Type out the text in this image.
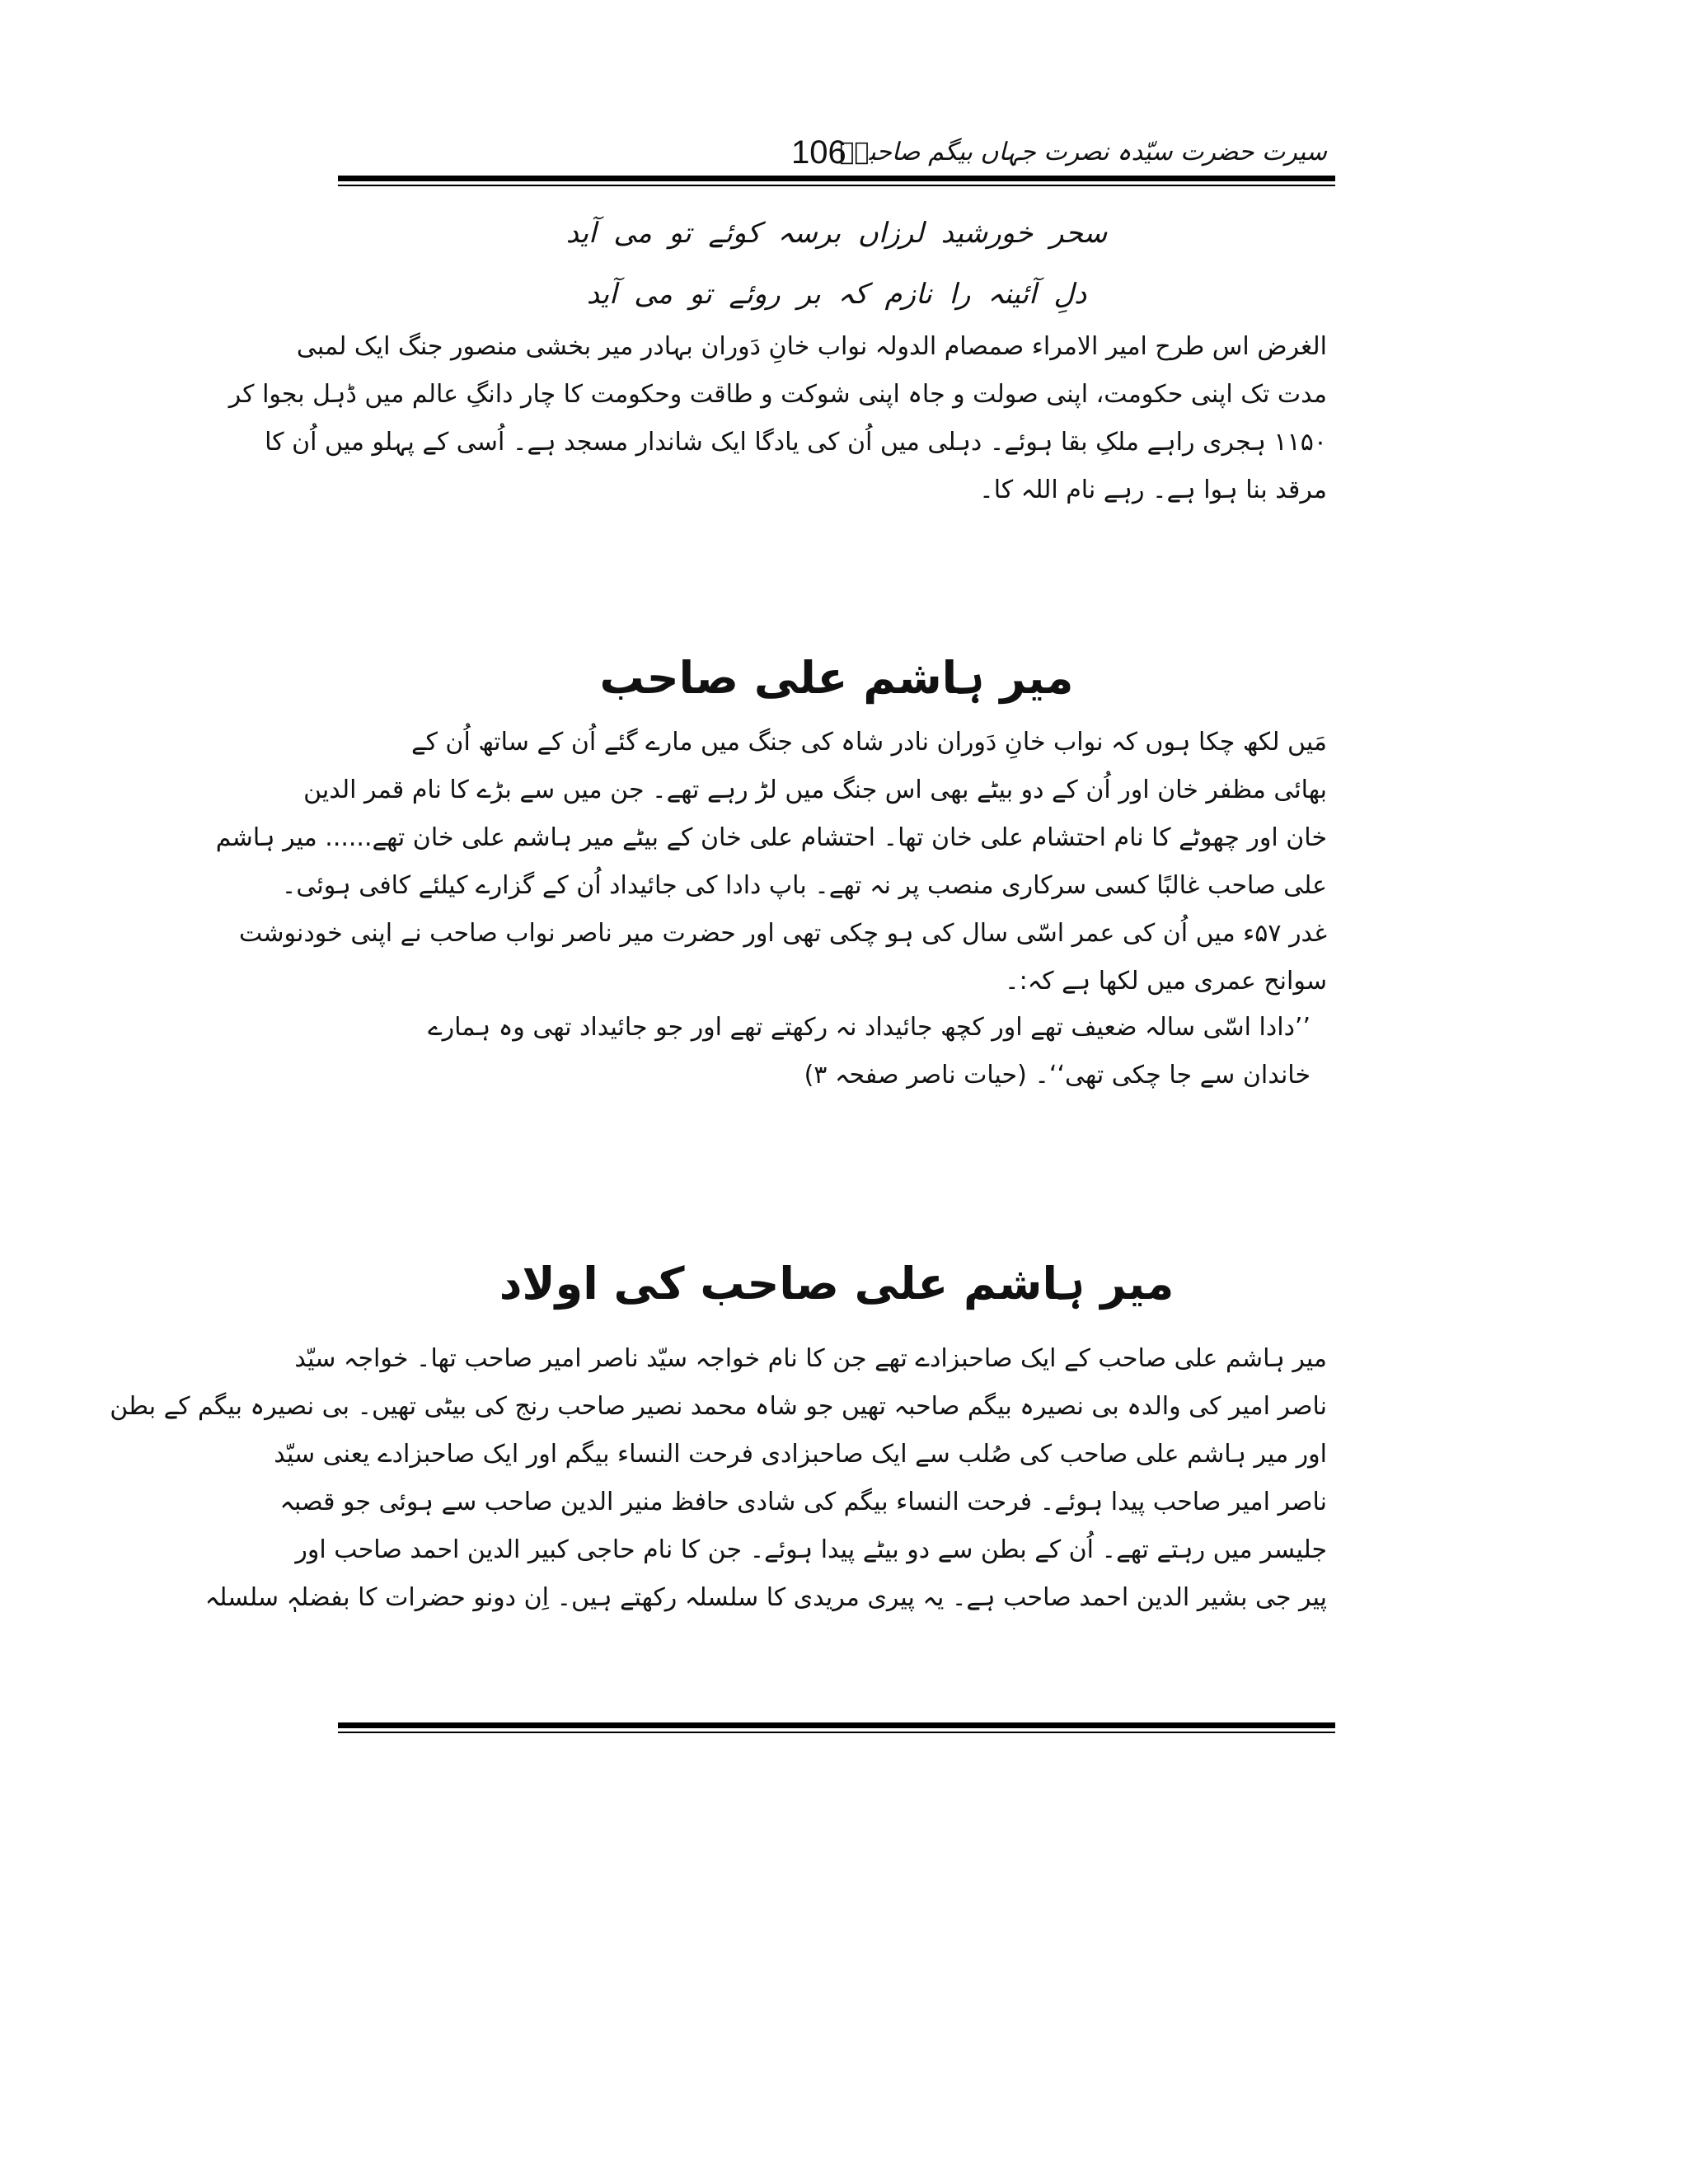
106
سیرت حضرت سیّدہ نصرت جہاں بیگم صاحبہؓ
سحر خورشید لرزاں برسہ کوئے تو می آید
دلِ آئینہ را نازم کہ بر روئے تو می آید
الغرض اس طرح امیر الامراء صمصام الدولہ نواب خانِ دَوران بہادر میر بخشی منصور جنگ ایک لمبی
مدت تک اپنی حکومت، اپنی صولت و جاہ اپنی شوکت و طاقت وحکومت کا چار دانگِ عالم میں ڈہل بجوا کر
۱۱۵۰ ہجری راہے ملکِ بقا ہوئے۔ دہلی میں اُن کی یادگا ایک شاندار مسجد ہے۔ اُسی کے پہلو میں اُن کا
مرقد بنا ہوا ہے۔ رہے نام اللہ کا۔
میر ہاشم علی صاحب
مَیں لکھ چکا ہوں کہ نواب خانِ دَوران نادر شاہ کی جنگ میں مارے گئے اُن کے ساتھ اُن کے
بھائی مظفر خان اور اُن کے دو بیٹے بھی اس جنگ میں لڑ رہے تھے۔ جن میں سے بڑے کا نام قمر الدین
خان اور چھوٹے کا نام احتشام علی خان تھا۔ احتشام علی خان کے بیٹے میر ہاشم علی خان تھے...... میر ہاشم
علی صاحب غالبًا کسی سرکاری منصب پر نہ تھے۔ باپ دادا کی جائیداد اُن کے گزارے کیلئے کافی ہوئی۔
غدر ۵۷ء میں اُن کی عمر اسّی سال کی ہو چکی تھی اور حضرت میر ناصر نواب صاحب نے اپنی خودنوشت
سوانح عمری میں لکھا ہے کہ:۔
’’دادا اسّی سالہ ضعیف تھے اور کچھ جائیداد نہ رکھتے تھے اور جو جائیداد تھی وہ ہمارے
خاندان سے جا چکی تھی‘‘۔ (حیات ناصر صفحہ ۳)
میر ہاشم علی صاحب کی اولاد
میر ہاشم علی صاحب کے ایک صاحبزادے تھے جن کا نام خواجہ سیّد ناصر امیر صاحب تھا۔ خواجہ سیّد
ناصر امیر کی والدہ بی نصیرہ بیگم صاحبہ تھیں جو شاہ محمد نصیر صاحب رنج کی بیٹی تھیں۔ بی نصیرہ بیگم کے بطن
اور میر ہاشم علی صاحب کی صُلب سے ایک صاحبزادی فرحت النساء بیگم اور ایک صاحبزادے یعنی سیّد
ناصر امیر صاحب پیدا ہوئے۔ فرحت النساء بیگم کی شادی حافظ منیر الدین صاحب سے ہوئی جو قصبہ
جلیسر میں رہتے تھے۔ اُن کے بطن سے دو بیٹے پیدا ہوئے۔ جن کا نام حاجی کبیر الدین احمد صاحب اور
پیر جی بشیر الدین احمد صاحب ہے۔ یہ پیری مریدی کا سلسلہ رکھتے ہیں۔ اِن دونو حضرات کا بفضلہٖ سلسلہ
